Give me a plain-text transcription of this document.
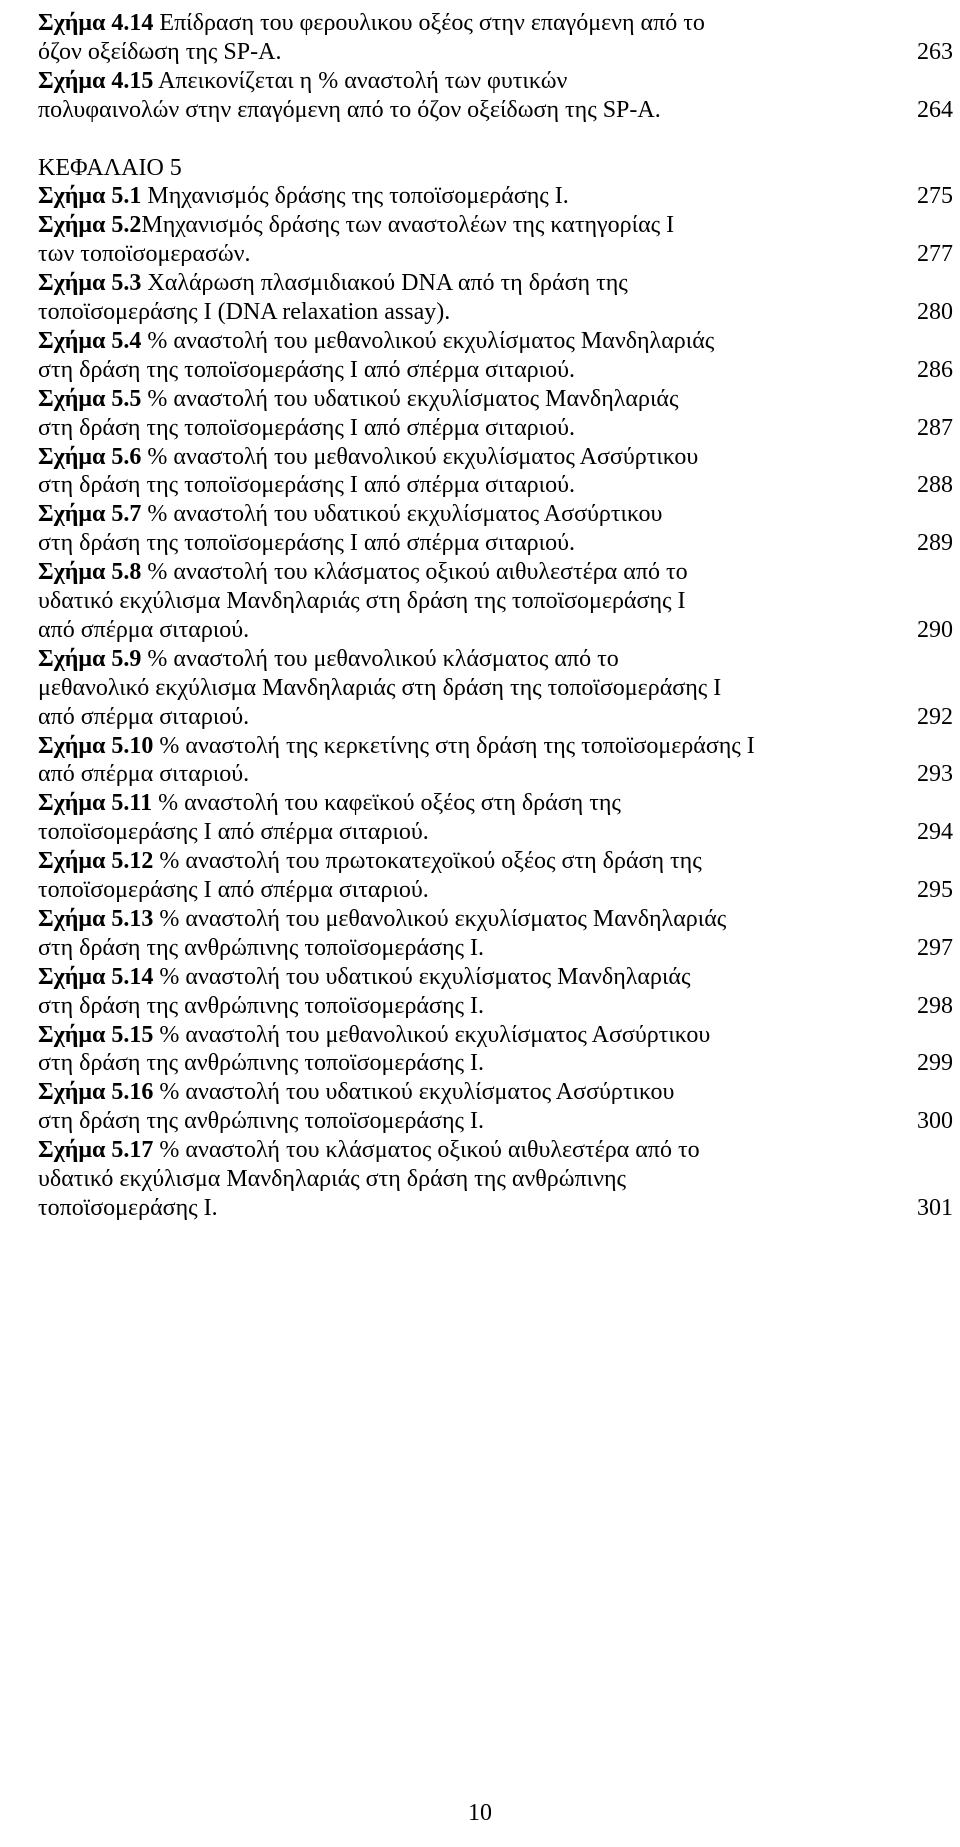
Σχήμα 4.14 Επίδραση του φερουλικου οξέος στην επαγόμενη από το
όζον οξείδωση της SP-A.	263
Σχήμα 4.15 Απεικονίζεται η % αναστολή των φυτικών
πολυφαινολών στην επαγόμενη από το όζον οξείδωση της SP-A.	264
ΚΕΦΑΛΑΙΟ 5
Σχήμα 5.1 Μηχανισμός δράσης της τοποϊσομεράσης Ι.	275
Σχήμα 5.2Μηχανισμός δράσης των αναστολέων της κατηγορίας Ι
των τοποϊσομερασών.	277
Σχήμα 5.3 Χαλάρωση πλασμιδιακού DNA από τη δράση της
τοποϊσομεράσης Ι (DNA relaxation assay).	280
Σχήμα 5.4 % αναστολή του μεθανολικού εκχυλίσματος Μανδηλαριάς
στη δράση της τοποϊσομεράσης Ι από σπέρμα σιταριού.	286
Σχήμα 5.5 % αναστολή του υδατικού εκχυλίσματος Μανδηλαριάς
στη δράση της τοποϊσομεράσης Ι από σπέρμα σιταριού.	287
Σχήμα 5.6 % αναστολή του μεθανολικού εκχυλίσματος Ασσύρτικου
στη δράση της τοποϊσομεράσης Ι από σπέρμα σιταριού.	288
Σχήμα 5.7 % αναστολή του υδατικού εκχυλίσματος Ασσύρτικου
στη δράση της τοποϊσομεράσης Ι από σπέρμα σιταριού.	289
Σχήμα 5.8 % αναστολή του κλάσματος οξικού αιθυλεστέρα από το
υδατικό εκχύλισμα Μανδηλαριάς στη δράση της τοποϊσομεράσης Ι
από σπέρμα σιταριού.	290
Σχήμα 5.9 % αναστολή του μεθανολικού κλάσματος από το
μεθανολικό εκχύλισμα Μανδηλαριάς στη δράση της τοποϊσομεράσης Ι
από σπέρμα σιταριού.	292
Σχήμα 5.10 % αναστολή της κερκετίνης στη δράση της τοποϊσομεράσης Ι
από σπέρμα σιταριού.	293
Σχήμα 5.11 % αναστολή του καφεϊκού οξέος στη δράση της
τοποϊσομεράσης Ι από σπέρμα σιταριού.	294
Σχήμα 5.12 % αναστολή του πρωτοκατεχοϊκού οξέος στη δράση της
τοποϊσομεράσης Ι από σπέρμα σιταριού.	295
Σχήμα 5.13 % αναστολή του μεθανολικού εκχυλίσματος Μανδηλαριάς
στη δράση της ανθρώπινης τοποϊσομεράσης Ι.	297
Σχήμα 5.14 % αναστολή του υδατικού εκχυλίσματος Μανδηλαριάς
στη δράση της ανθρώπινης τοποϊσομεράσης Ι.	298
Σχήμα 5.15 % αναστολή του μεθανολικού εκχυλίσματος Ασσύρτικου
στη δράση της ανθρώπινης τοποϊσομεράσης Ι.	299
Σχήμα 5.16 % αναστολή του υδατικού εκχυλίσματος Ασσύρτικου
στη δράση της ανθρώπινης τοποϊσομεράσης Ι.	300
Σχήμα 5.17 % αναστολή του κλάσματος οξικού αιθυλεστέρα από το
υδατικό εκχύλισμα Μανδηλαριάς στη δράση της ανθρώπινης
τοποϊσομεράσης Ι.	301
10
